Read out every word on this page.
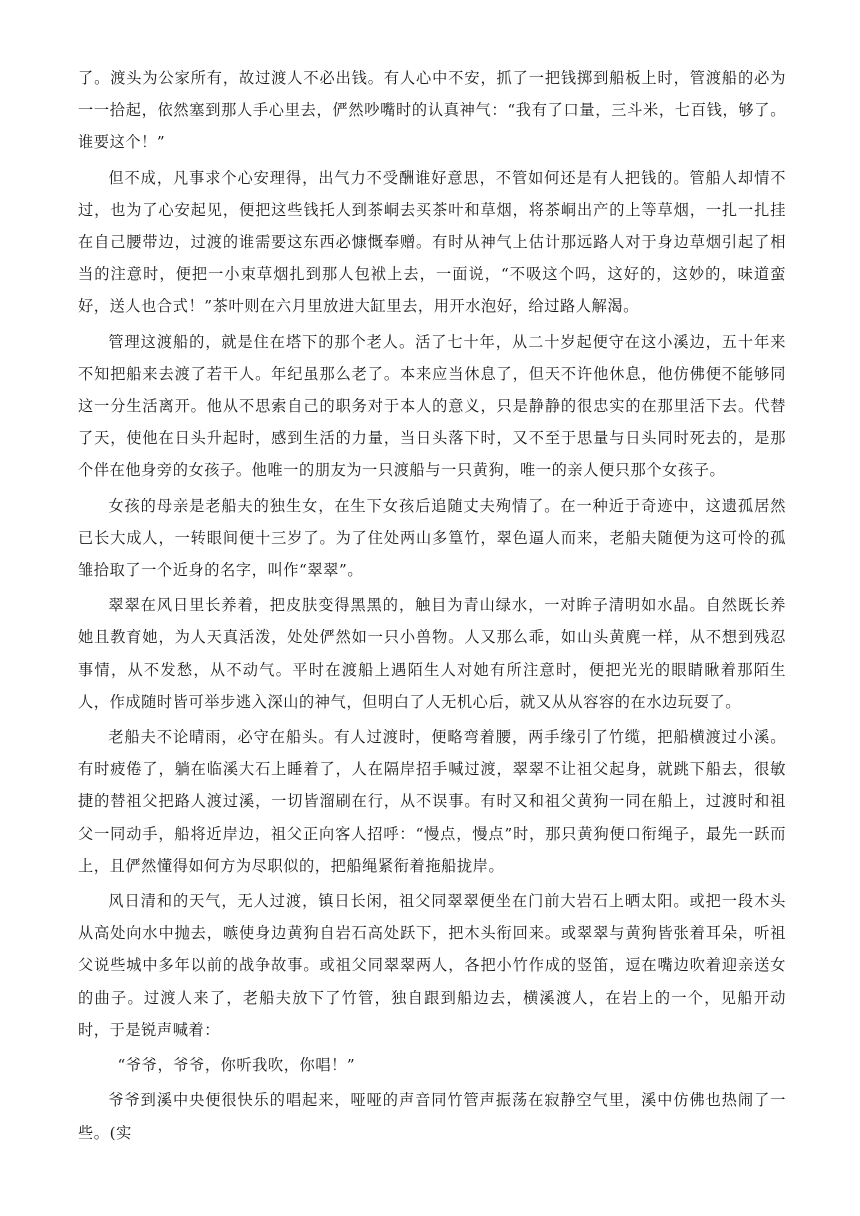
了。渡头为公家所有，故过渡人不必出钱。有人心中不安，抓了一把钱掷到船板上时，管渡船的必为一一拾起，依然塞到那人手心里去，俨然吵嘴时的认真神气：“我有了口量，三斗米，七百钱，够了。谁要这个！”

但不成，凡事求个心安理得，出气力不受酬谁好意思，不管如何还是有人把钱的。管船人却情不过，也为了心安起见，便把这些钱托人到茶峒去买茶叶和草烟，将茶峒出产的上等草烟，一扎一扎挂在自己腰带边，过渡的谁需要这东西必慷慨奉赠。有时从神气上估计那远路人对于身边草烟引起了相当的注意时，便把一小束草烟扎到那人包袱上去，一面说，“不吸这个吗，这好的，这妙的，味道蛮好，送人也合式！”茶叶则在六月里放进大缸里去，用开水泡好，给过路人解渴。

管理这渡船的，就是住在塔下的那个老人。活了七十年，从二十岁起便守在这小溪边，五十年来不知把船来去渡了若干人。年纪虽那么老了。本来应当休息了，但天不许他休息，他仿佛便不能够同这一分生活离开。他从不思索自己的职务对于本人的意义，只是静静的很忠实的在那里活下去。代替了天，使他在日头升起时，感到生活的力量，当日头落下时，又不至于思量与日头同时死去的，是那个伴在他身旁的女孩子。他唯一的朋友为一只渡船与一只黄狗，唯一的亲人便只那个女孩子。

女孩的母亲是老船夫的独生女，在生下女孩后追随丈夫殉情了。在一种近于奇迹中，这遗孤居然已长大成人，一转眼间便十三岁了。为了住处两山多篁竹，翠色逼人而来，老船夫随便为这可怜的孤雏拾取了一个近身的名字，叫作“翠翠”。

翠翠在风日里长养着，把皮肤变得黑黑的，触目为青山绿水，一对眸子清明如水晶。自然既长养她且教育她，为人天真活泼，处处俨然如一只小兽物。人又那么乖，如山头黄麂一样，从不想到残忍事情，从不发愁，从不动气。平时在渡船上遇陌生人对她有所注意时，便把光光的眼睛瞅着那陌生人，作成随时皆可举步逃入深山的神气，但明白了人无机心后，就又从从容容的在水边玩耍了。

老船夫不论晴雨，必守在船头。有人过渡时，便略弯着腰，两手缘引了竹缆，把船横渡过小溪。有时疲倦了，躺在临溪大石上睡着了，人在隔岸招手喊过渡，翠翠不让祖父起身，就跳下船去，很敏捷的替祖父把路人渡过溪，一切皆溜刷在行，从不误事。有时又和祖父黄狗一同在船上，过渡时和祖父一同动手，船将近岸边，祖父正向客人招呼：“慢点，慢点”时，那只黄狗便口衔绳子，最先一跃而上，且俨然懂得如何方为尽职似的，把船绳紧衔着拖船拢岸。

风日清和的天气，无人过渡，镇日长闲，祖父同翠翠便坐在门前大岩石上晒太阳。或把一段木头从高处向水中抛去，嗾使身边黄狗自岩石高处跃下，把木头衔回来。或翠翠与黄狗皆张着耳朵，听祖父说些城中多年以前的战争故事。或祖父同翠翠两人，各把小竹作成的竖笛，逗在嘴边吹着迎亲送女的曲子。过渡人来了，老船夫放下了竹管，独自跟到船边去，横溪渡人，在岩上的一个，见船开动时，于是锐声喊着：

“爷爷，爷爷，你听我吹，你唱！”

爷爷到溪中央便很快乐的唱起来，哑哑的声音同竹管声振荡在寂静空气里，溪中仿佛也热闹了一些。(实
